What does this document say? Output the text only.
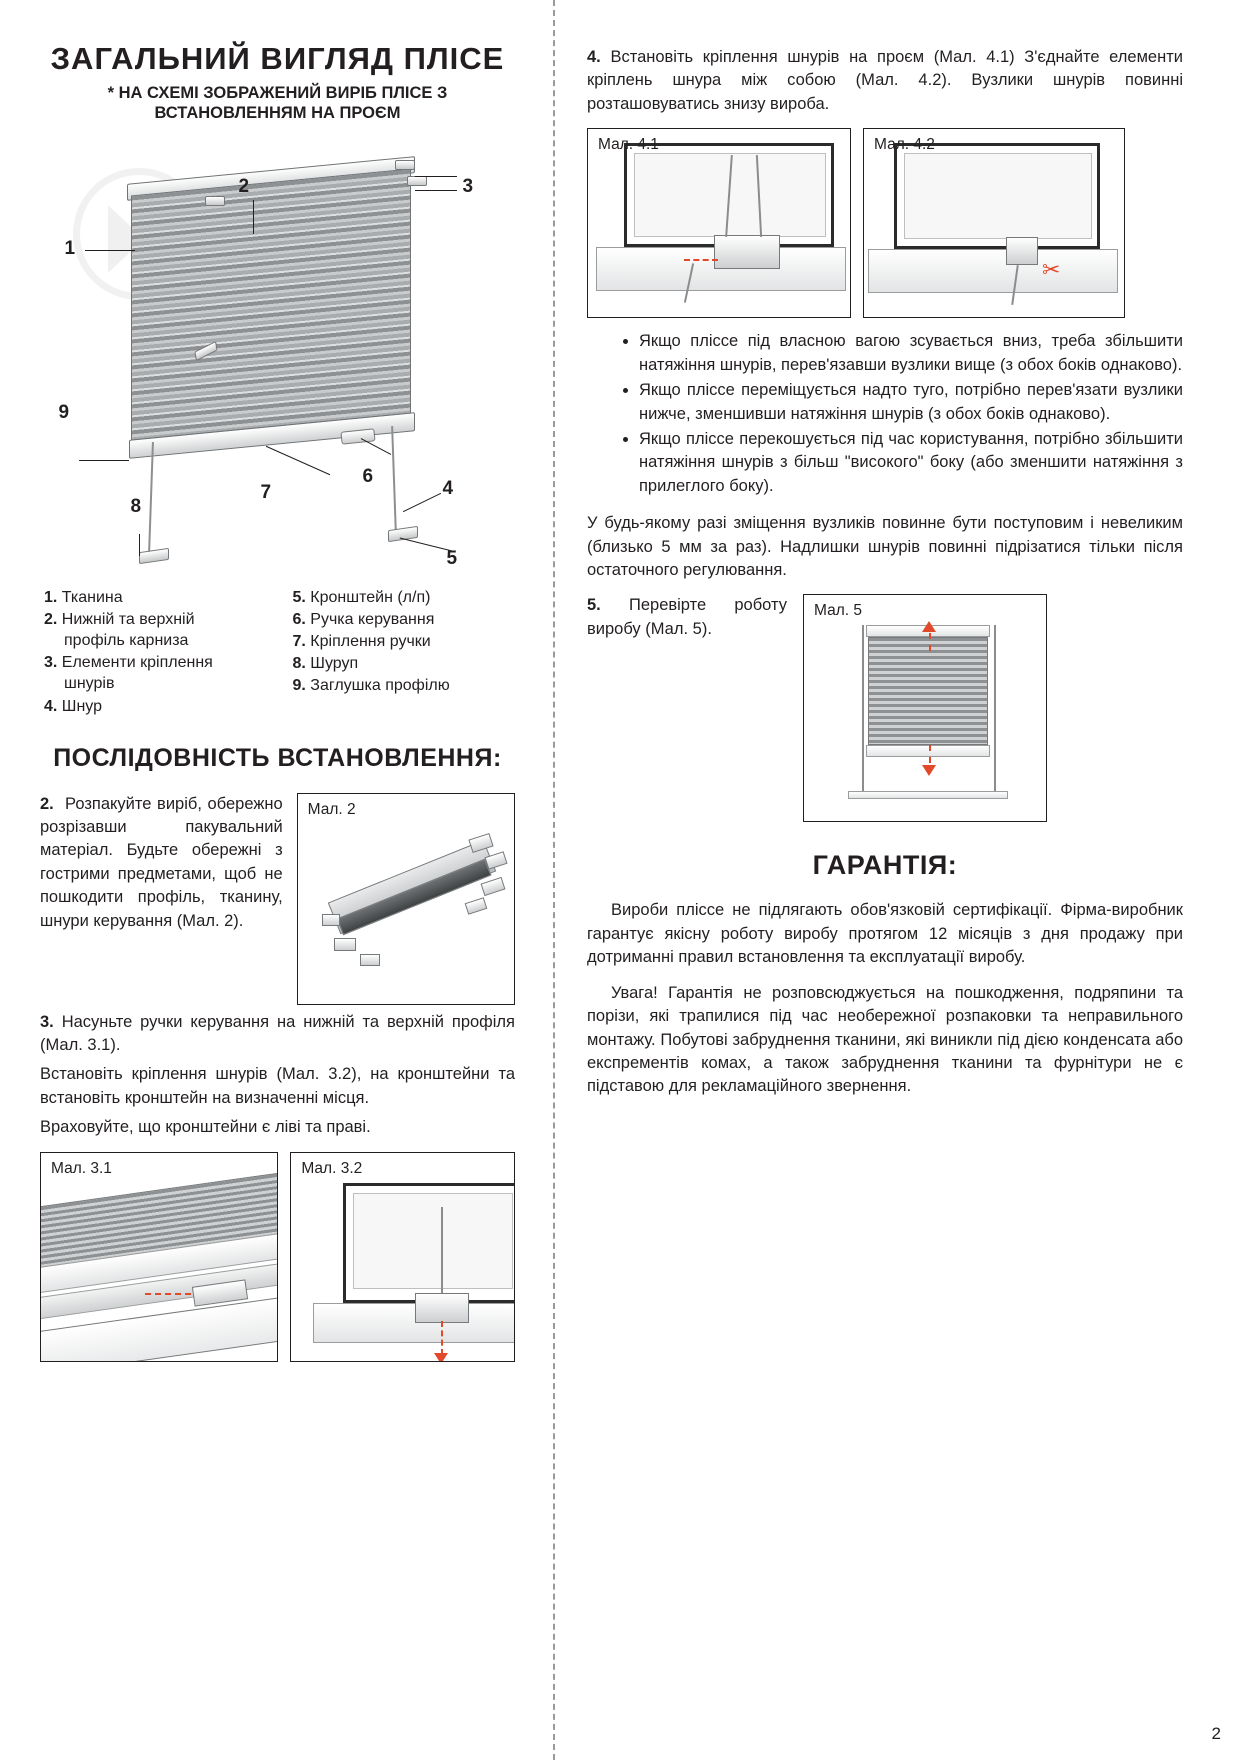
ЗАГАЛЬНИЙ ВИГЛЯД ПЛІСЕ
* НА СХЕМІ ЗОБРАЖЕНИЙ ВИРІБ ПЛІСЕ З ВСТАНОВЛЕННЯМ НА ПРОЄМ
1
2	3
4
5
6
7
8
9
1. Тканина
2. Нижній та верхній
профіль карниза
3. Елементи кріплення
шнурів
4. Шнур
5. Кронштейн (л/п)
6. Ручка керування
7. Кріплення ручки
8. Шуруп
9. Заглушка профілю
ПОСЛІДОВНІСТЬ ВСТАНОВЛЕННЯ:

2. Розпакуйте виріб, обережно розрізавши пакувальний матеріал. Будьте обережні з гострими предметами, щоб не пошкодити профіль, тканину, шнури керування (Мал. 2).

Мал. 2

3. Насуньте ручки керування на нижній та верхній профіля (Мал. 3.1).

Встановіть кріплення шнурів (Мал. 3.2), на кронштейни та встановіть кронштейн на визначенні місця.

Враховуйте, що кронштейни є ліві та праві.

Мал. 3.1	Мал. 3.2

4. Встановіть кріплення шнурів на проєм (Мал. 4.1) З'єднайте елементи кріплень шнура між собою (Мал. 4.2). Вузлики шнурів повинні розташовуватись знизу вироба.

Мал. 4.1	Мал. 4.2
✂
• Якщо пліссе під власною вагою зсувається вниз, треба збільшити натяжіння шнурів, перев'язавши вузлики вище (з обох боків однаково).
• Якщо пліссе переміщується надто туго, потрібно перев'язати вузлики нижче, зменшивши натяжіння шнурів (з обох боків однаково).
• Якщо пліссе перекошується під час користування, потрібно збільшити натяжіння шнурів з більш "високого" боку (або зменшити натяжіння з прилеглого боку).

У будь-якому разі зміщення вузликів повинне бути поступовим і невеликим (близько 5 мм за раз). Надлишки шнурів повинні підрізатися тільки після остаточного регулювання.

5. Перевірте роботу виробу (Мал. 5).

Мал. 5
ГАРАНТІЯ:

Вироби пліссе не підлягають обов'язковій сертифікації. Фірма-виробник гарантує якісну роботу виробу протягом 12 місяців з дня продажу при дотриманні правил встановлення та експлуатації виробу.

Увага! Гарантія не розповсюджується на пошкодження, подряпини та порізи, які трапилися під час необережної розпаковки та неправильного монтажу. Побутові забруднення тканини, які виникли під дією конденсата або експрементів комах, а також забруднення тканини та фурнітури не є підставою для рекламаційного звернення.

2
